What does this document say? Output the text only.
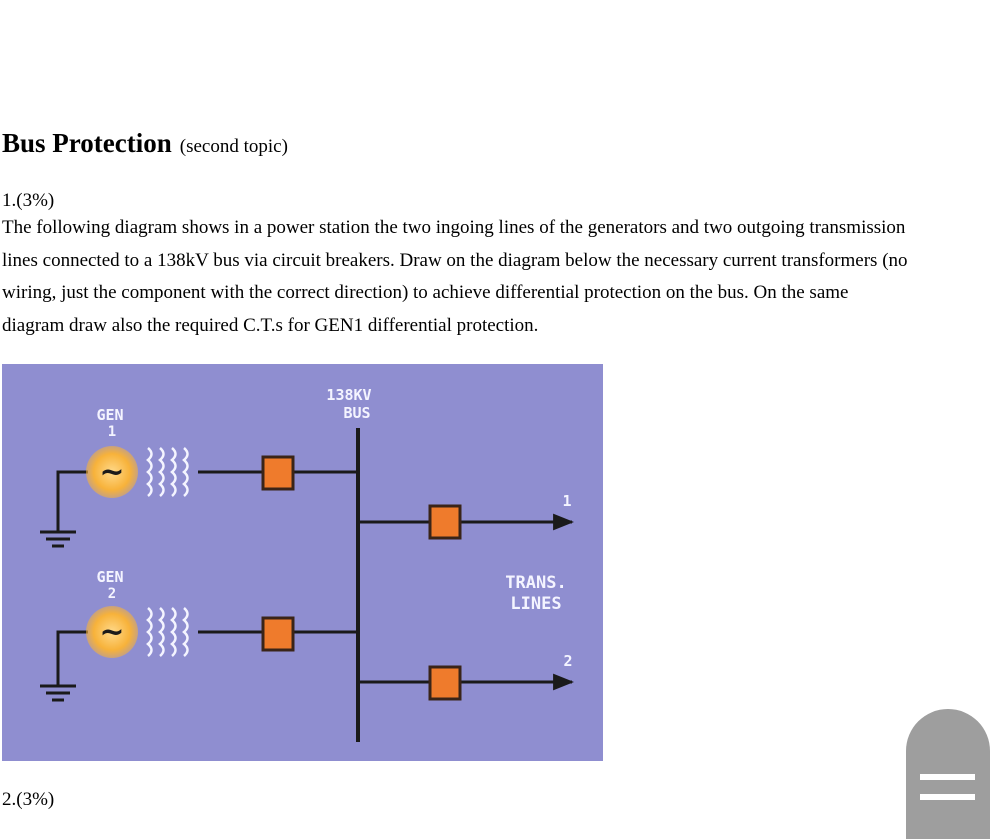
Bus Protection (second topic)
1.(3%)

The following diagram shows in a power station the two ingoing lines of the generators and two outgoing transmission lines connected to a 138kV bus via circuit breakers. Draw on the diagram below the necessary current transformers (no wiring, just the component with the correct direction) to achieve differential protection on the bus. On the same diagram draw also the required C.T.s for GEN1 differential protection.

138KV
BUS
GEN
1
~
GEN
2
~
1
2
TRANS.
LINES
2.(3%)
